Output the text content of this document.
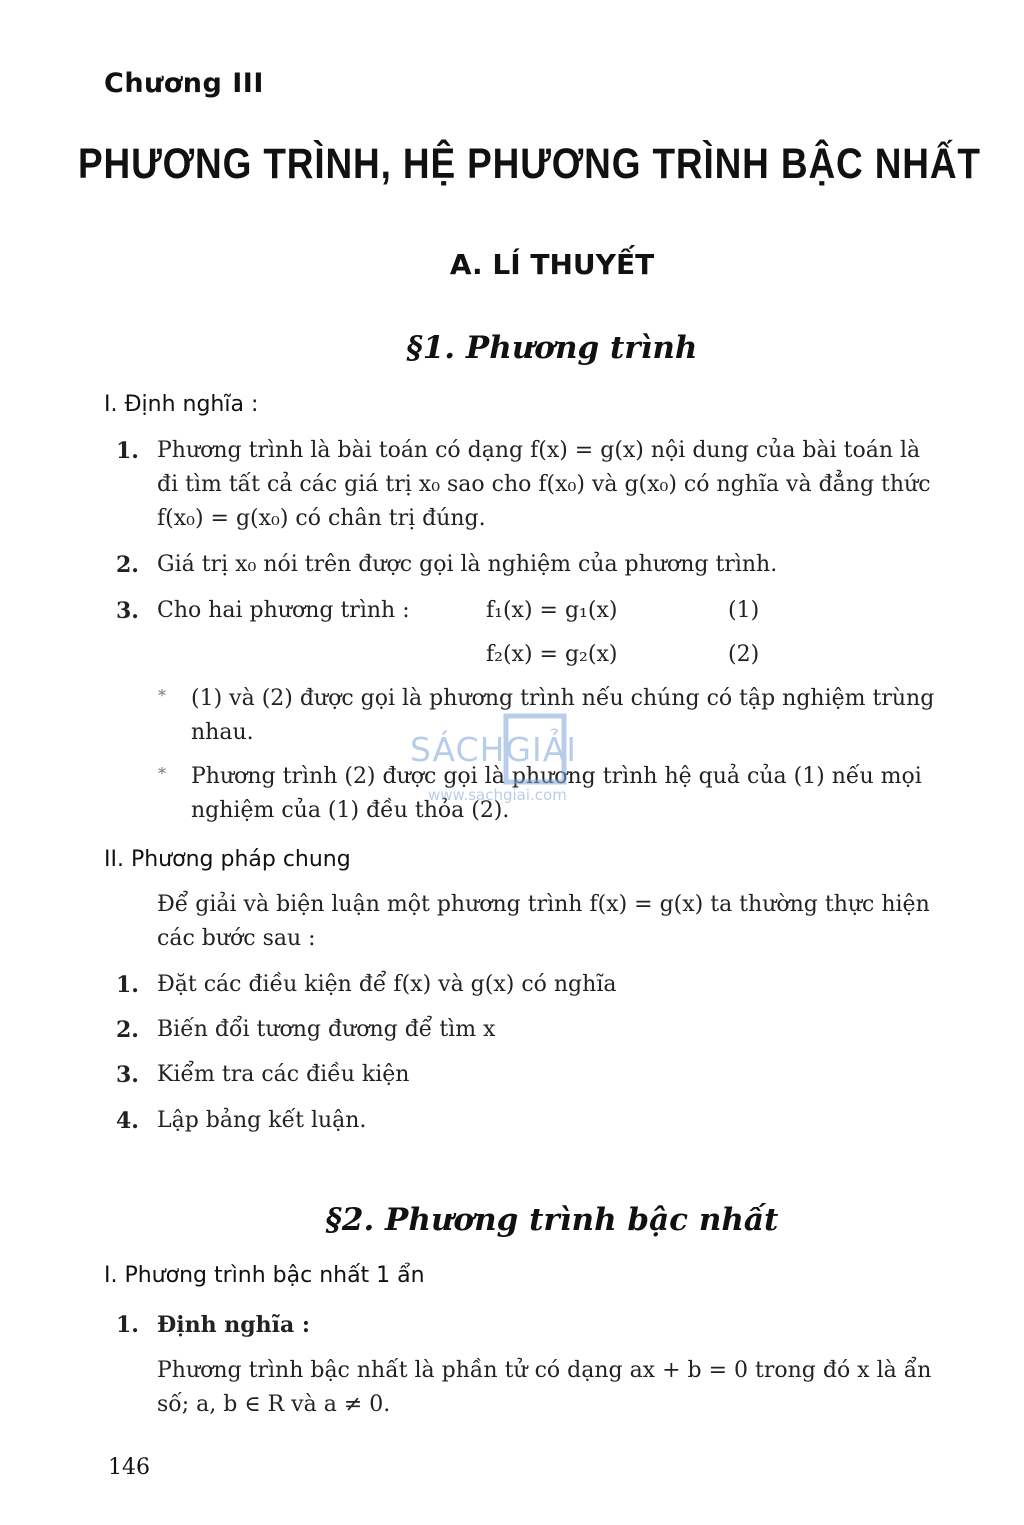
Chương III
PHƯƠNG TRÌNH, HỆ PHƯƠNG TRÌNH BẬC NHẤT
A. LÍ THUYẾT
§1. Phương trình
I. Định nghĩa :
1. Phương trình là bài toán có dạng f(x) = g(x) nội dung của bài toán là
đi tìm tất cả các giá trị x₀ sao cho f(x₀) và g(x₀) có nghĩa và đẳng thức
f(x₀) = g(x₀) có chân trị đúng.
2. Giá trị x₀ nói trên được gọi là nghiệm của phương trình.
3. Cho hai phương trình :	f₁(x) = g₁(x)	(1)
f₂(x) = g₂(x)	(2)
* (1) và (2) được gọi là phương trình nếu chúng có tập nghiệm trùng
nhau.
* Phương trình (2) được gọi là phương trình hệ quả của (1) nếu mọi
nghiệm của (1) đều thỏa (2).
II. Phương pháp chung
Để giải và biện luận một phương trình f(x) = g(x) ta thường thực hiện
các bước sau :
1. Đặt các điều kiện để f(x) và g(x) có nghĩa
2. Biến đổi tương đương để tìm x
3. Kiểm tra các điều kiện
4. Lập bảng kết luận.
§2. Phương trình bậc nhất
I. Phương trình bậc nhất 1 ẩn
1. Định nghĩa :
Phương trình bậc nhất là phần tử có dạng ax + b = 0 trong đó x là ẩn
số; a, b ∈ R và a ≠ 0.
SÁCHGIẢI
www.sachgiai.com
146
